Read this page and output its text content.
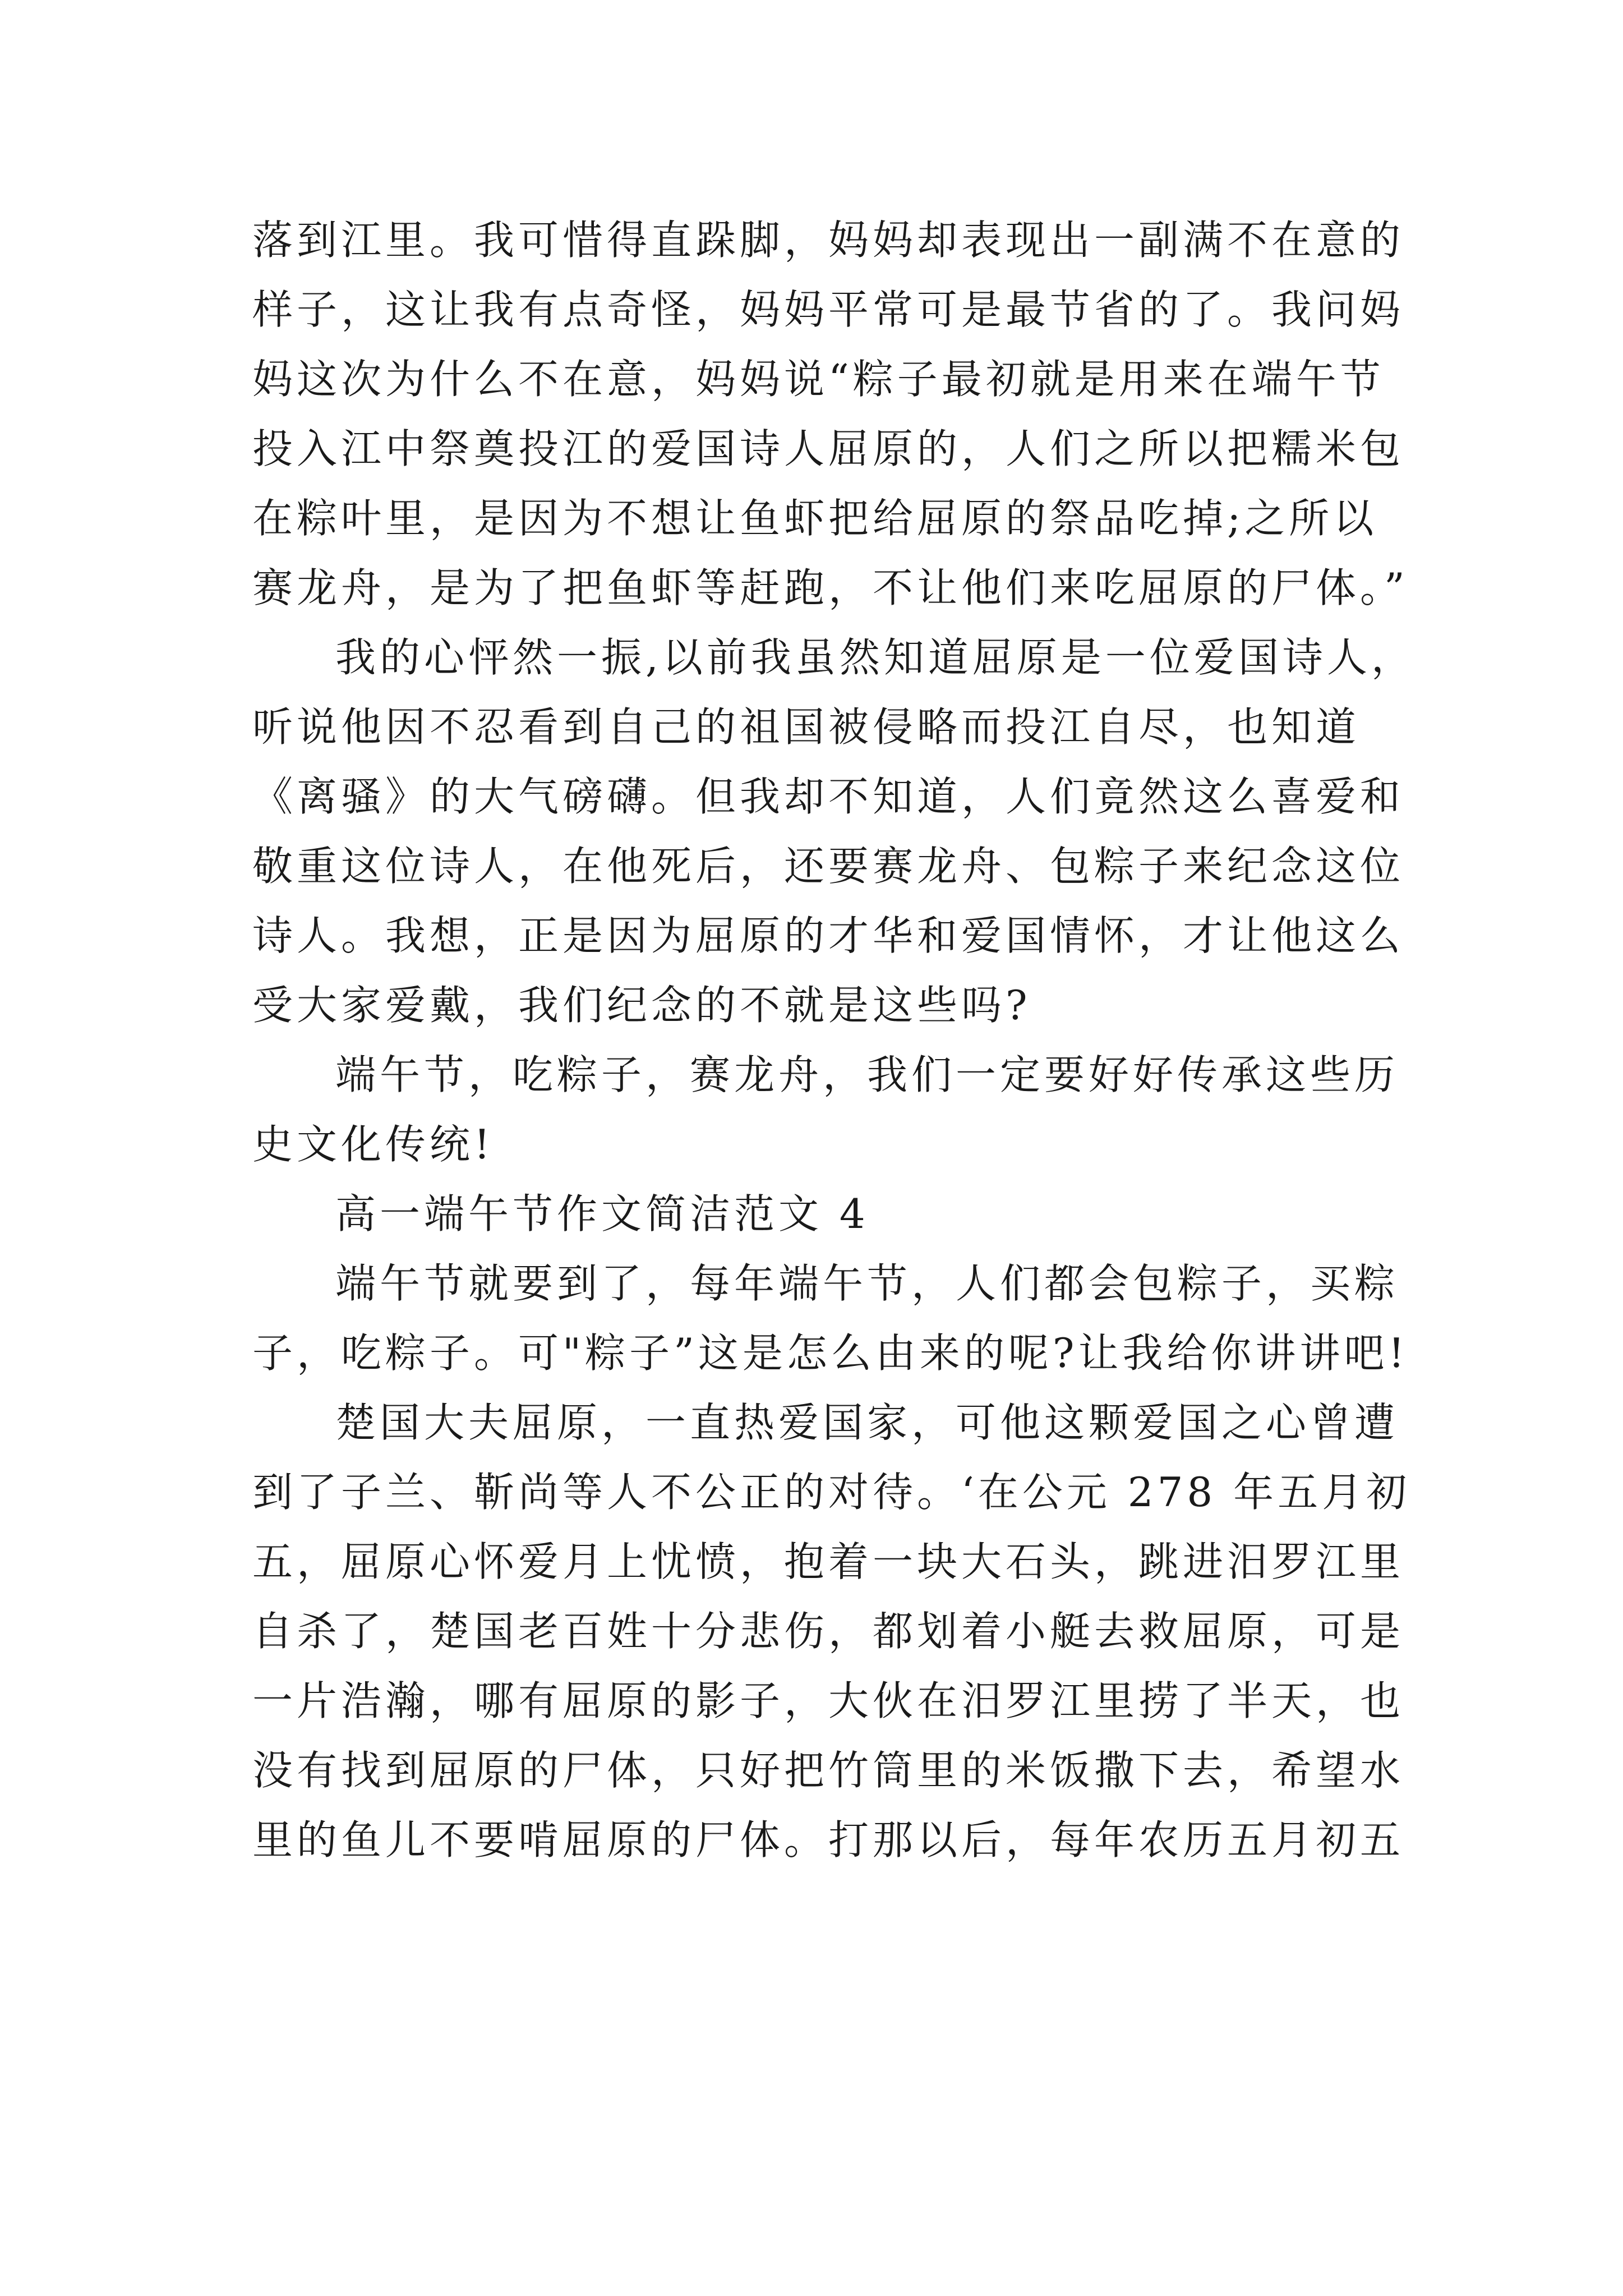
落到江里。我可惜得直跺脚，妈妈却表现出一副满不在意的
样子，这让我有点奇怪，妈妈平常可是最节省的了。我问妈
妈这次为什么不在意，妈妈说“粽子最初就是用来在端午节
投入江中祭奠投江的爱国诗人屈原的，人们之所以把糯米包
在粽叶里，是因为不想让鱼虾把给屈原的祭品吃掉;之所以
赛龙舟，是为了把鱼虾等赶跑，不让他们来吃屈原的尸体。”
我的心怦然一振,以前我虽然知道屈原是一位爱国诗人，
听说他因不忍看到自己的祖国被侵略而投江自尽，也知道
《离骚》的大气磅礴。但我却不知道，人们竟然这么喜爱和
敬重这位诗人，在他死后，还要赛龙舟、包粽子来纪念这位
诗人。我想，正是因为屈原的才华和爱国情怀，才让他这么
受大家爱戴，我们纪念的不就是这些吗?
端午节，吃粽子，赛龙舟，我们一定要好好传承这些历
史文化传统!
高一端午节作文简洁范文 4
端午节就要到了，每年端午节，人们都会包粽子，买粽
子，吃粽子。可"粽子”这是怎么由来的呢?让我给你讲讲吧!
楚国大夫屈原，一直热爱国家，可他这颗爱国之心曾遭
到了子兰、靳尚等人不公正的对待。‘在公元 278 年五月初
五，屈原心怀爱月上忧愤，抱着一块大石头，跳进汨罗江里
自杀了，楚国老百姓十分悲伤，都划着小艇去救屈原，可是
一片浩瀚，哪有屈原的影子，大伙在汨罗江里捞了半天，也
没有找到屈原的尸体，只好把竹筒里的米饭撒下去，希望水
里的鱼儿不要啃屈原的尸体。打那以后，每年农历五月初五
